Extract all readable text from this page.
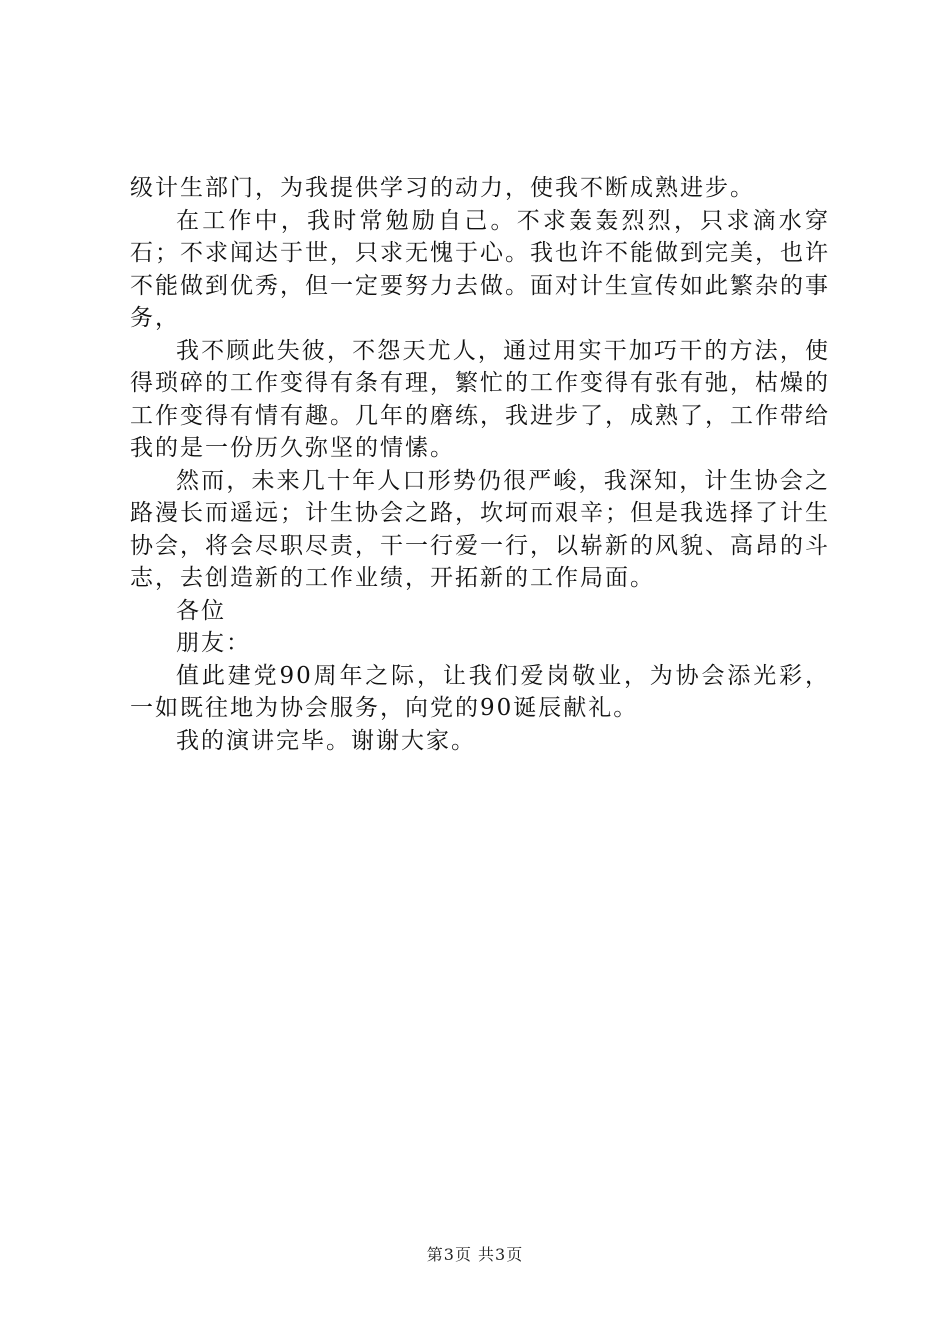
级计生部门，为我提供学习的动力，使我不断成熟进步。

在工作中，我时常勉励自己。不求轰轰烈烈，只求滴水穿石；不求闻达于世，只求无愧于心。我也许不能做到完美，也许不能做到优秀，但一定要努力去做。面对计生宣传如此繁杂的事务，

我不顾此失彼，不怨天尤人，通过用实干加巧干的方法，使得琐碎的工作变得有条有理，繁忙的工作变得有张有弛，枯燥的工作变得有情有趣。几年的磨练，我进步了，成熟了，工作带给我的是一份历久弥坚的情愫。

然而，未来几十年人口形势仍很严峻，我深知，计生协会之路漫长而遥远；计生协会之路，坎坷而艰辛；但是我选择了计生协会，将会尽职尽责，干一行爱一行，以崭新的风貌、高昂的斗志，去创造新的工作业绩，开拓新的工作局面。

各位

朋友：

值此建党90周年之际，让我们爱岗敬业，为协会添光彩，一如既往地为协会服务，向党的90诞辰献礼。

我的演讲完毕。谢谢大家。

第3页 共3页
